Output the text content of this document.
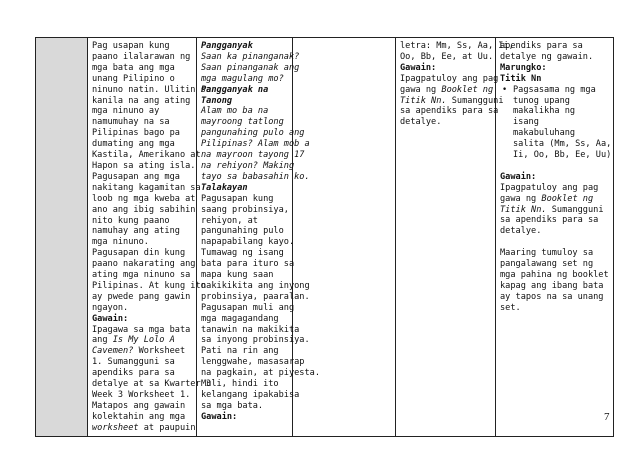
Pag usapan kung
paano ilalarawan ng
mga bata ang mga
unang Pilipino o
ninuno natin. Ulitin sa
kanila na ang ating
mga ninuno ay
namumuhay na sa
Pilipinas bago pa
dumating ang mga
Kastila, Amerikano at
Hapon sa ating isla.
Pagusapan ang mga
nakitang kagamitan sa
loob ng mga kweba at
ano ang ibig sabihin
nito kung paano
namuhay ang ating
mga ninuno.
Pagusapan din kung
paano nakarating ang
ating mga ninuno sa
Pilipinas. At kung ito
ay pwede pang gawin
ngayon.
Gawain:
Ipagawa sa mga bata
ang Is My Lolo A
Cavemen? Worksheet
1. Sumangguni sa
apendiks para sa
detalye at sa Kwarter 3
Week 3 Worksheet 1.
Matapos ang gawain
kolektahin ang mga
worksheet at paupuin

Pangganyak
Saan ka pinanganak?
Saan pinanganak ang
mga magulang mo?
Pangganyak na
Tanong
Alam mo ba na
mayroong tatlong
pangunahing pulo ang
Pilipinas? Alam mob a
na mayroon tayong 17
na rehiyon? Making
tayo sa babasahin ko.
Talakayan
Pagusapan kung
saang probinsiya,
rehiyon, at
pangunahing pulo
napapabilang kayo.
Tumawag ng isang
bata para ituro sa
mapa kung saan
nakikikita ang inyong
probinsiya, paaralan.
Pagusapan muli ang
mga magagandang
tanawin na makikita
sa inyong probinsiya.
Pati na rin ang
lenggwahe, masasarap
na pagkain, at piyesta.
Muli, hindi ito
kelangang ipakabisa
sa mga bata.
Gawain:

letra: Mm, Ss, Aa, Ii,
Oo, Bb, Ee, at Uu.
Gawain:
Ipagpatuloy ang pag
gawa ng Booklet ng
Titik Nn. Sumangguni
sa apendiks para sa
detalye.

apendiks para sa
detalye ng gawain.
Marungko:
Titik Nn
• Pagsasama ng mga
tunog upang
makalikha ng
isang
makabuluhang
salita (Mm, Ss, Aa,
Ii, Oo, Bb, Ee, Uu)
Gawain:
Ipagpatuloy ang pag
gawa ng Booklet ng
Titik Nn. Sumangguni
sa apendiks para sa
detalye.
Maaring tumuloy sa
pangalawang set ng
mga pahina ng booklet
kapag ang ibang bata
ay tapos na sa unang
set.
7
